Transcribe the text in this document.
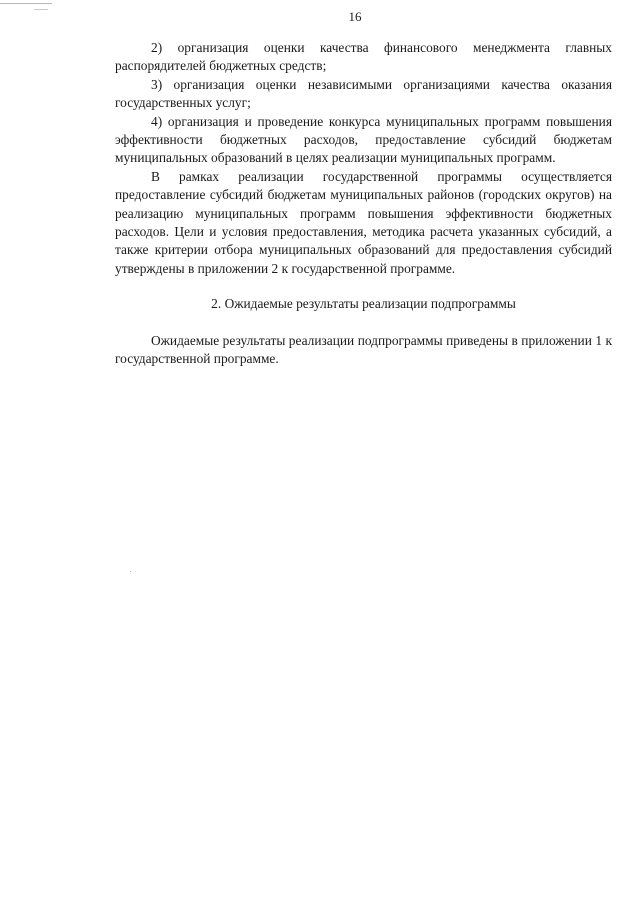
16

2) организация оценки качества финансового менеджмента главных распорядителей бюджетных средств;

3) организация оценки независимыми организациями качества оказания государственных услуг;

4) организация и проведение конкурса муниципальных программ повышения эффективности бюджетных расходов, предоставление субсидий бюджетам муниципальных образований в целях реализации муниципальных программ.

В рамках реализации государственной программы осуществляется предоставление субсидий бюджетам муниципальных районов (городских округов) на реализацию муниципальных программ повышения эффективности бюджетных расходов. Цели и условия предоставления, методика расчета указанных субсидий, а также критерии отбора муниципальных образований для предоставления субсидий утверждены в приложении 2 к государственной программе.

2. Ожидаемые результаты реализации подпрограммы

Ожидаемые результаты реализации подпрограммы приведены в приложении 1 к государственной программе.
